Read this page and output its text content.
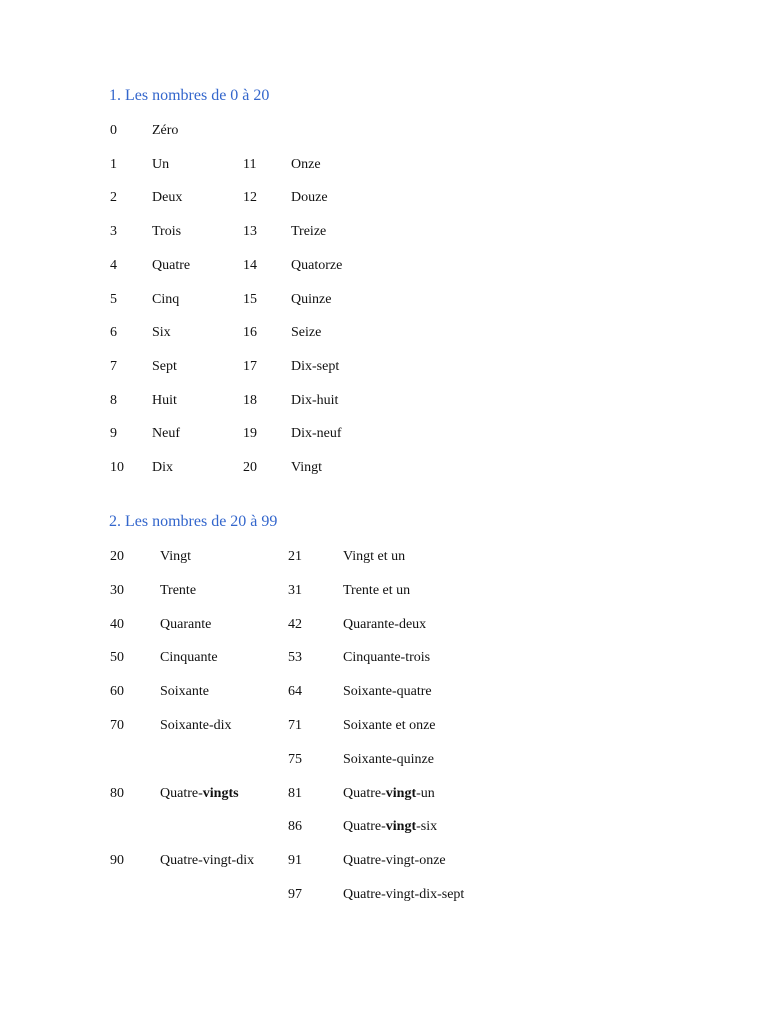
1. Les nombres de 0 à 20
0	Zéro
1	Un	11 Onze
2	Deux	12 Douze
3	Trois	13 Treize
4	Quatre	14 Quatorze
5	Cinq	15 Quinze
6	Six	16 Seize
7	Sept	17 Dix-sept
8	Huit	18 Dix-huit
9	Neuf	19 Dix-neuf
10 Dix	20 Vingt
2. Les nombres de 20 à 99
20	Vingt	21	Vingt et un
30	Trente	31	Trente et un
40	Quarante	42	Quarante-deux
50	Cinquante	53	Cinquante-trois
60	Soixante	64	Soixante-quatre
70	Soixante-dix	71	Soixante et onze
75	Soixante-quinze
80	Quatre-vingts	81	Quatre-vingt-un
86	Quatre-vingt-six
90	Quatre-vingt-dix 91	Quatre-vingt-onze
97	Quatre-vingt-dix-sept
